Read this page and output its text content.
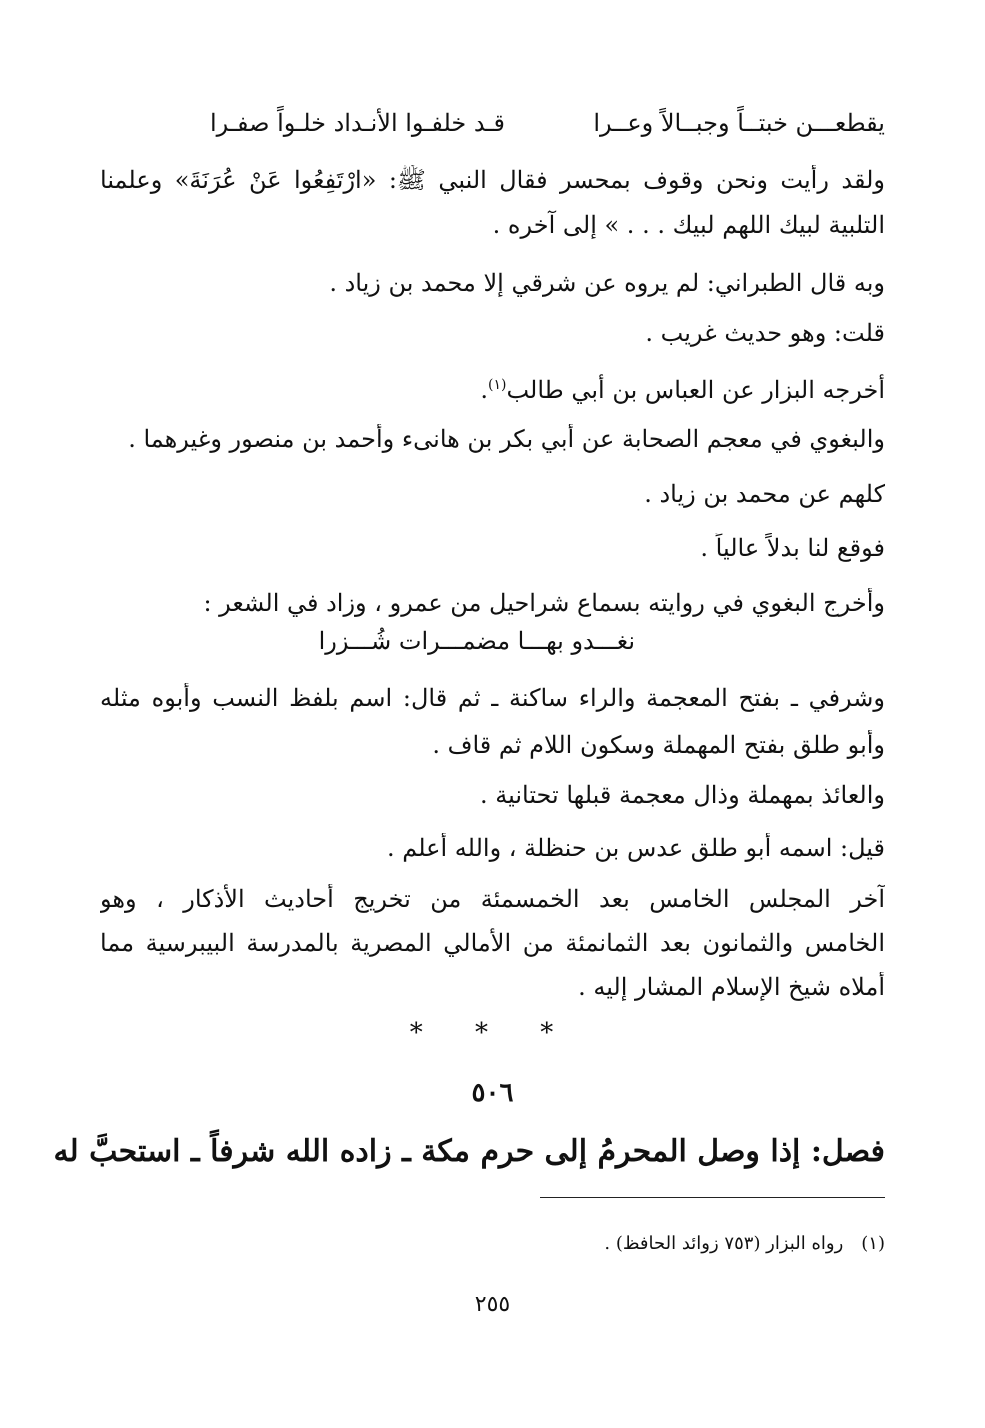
يقطعـــن خبتــاً وجبــالاً وعــرا
قـد خلفـوا الأنـداد خلـواً صفـرا
ولقد رأيت ونحن وقوف بمحسر فقال النبي ﷺ: «ارْتَفِعُوا عَنْ عُرَنَةَ» وعلمنا
التلبية لبيك اللهم لبيك . . . » إلى آخره .
وبه قال الطبراني: لم يروه عن شرقي إلا محمد بن زياد .
قلت: وهو حديث غريب .
أخرجه البزار عن العباس بن أبي طالب$^{(١)}$.
والبغوي في معجم الصحابة عن أبي بكر بن هانىء وأحمد بن منصور وغيرهما .
كلهم عن محمد بن زياد .
فوقع لنا بدلاً عالياً .
وأخرج البغوي في روايته بسماع شراحيل من عمرو ، وزاد في الشعر :
نغـــدو بهـــا مضمـــرات شُـــزرا
وشرفي ـ بفتح المعجمة والراء ساكنة ـ ثم قال: اسم بلفظ النسب وأبوه مثله
وأبو طلق بفتح المهملة وسكون اللام ثم قاف .
والعائذ بمهملة وذال معجمة قبلها تحتانية .
قيل: اسمه أبو طلق عدس بن حنظلة ، والله أعلم .
آخر المجلس الخامس بعد الخمسمئة من تخريج أحاديث الأذكار ، وهو
الخامس والثمانون بعد الثمانمئة من الأمالي المصرية بالمدرسة البيبرسية مما
أملاه شيخ الإسلام المشار إليه .
* * *
٥٠٦
فصل: إذا وصل المحرمُ إلى حرم مكة ـ زاده الله شرفاً ـ استحبَّ له
(١)رواه البزار (٧٥٣ زوائد الحافظ) .
٢٥٥
